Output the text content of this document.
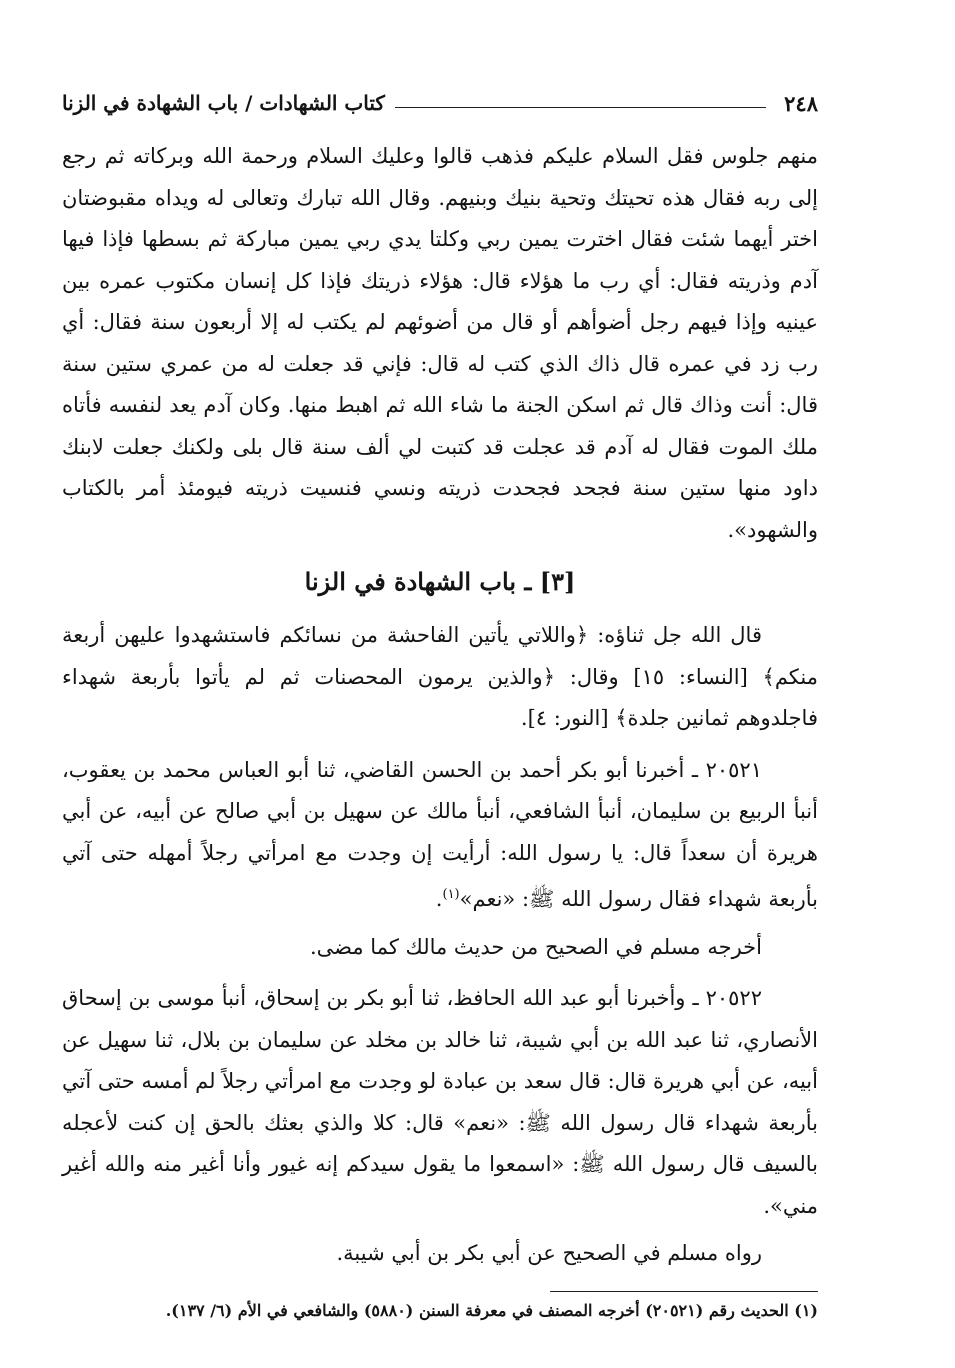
٢٤٨
كتاب الشهادات / باب الشهادة في الزنا

منهم جلوس فقل السلام عليكم فذهب قالوا وعليك السلام ورحمة الله وبركاته ثم رجع إلى ربه فقال هذه تحيتك وتحية بنيك وبنيهم. وقال الله تبارك وتعالى له ويداه مقبوضتان اختر أيهما شئت فقال اخترت يمين ربي وكلتا يدي ربي يمين مباركة ثم بسطها فإذا فيها آدم وذريته فقال: أي رب ما هؤلاء قال: هؤلاء ذريتك فإذا كل إنسان مكتوب عمره بين عينيه وإذا فيهم رجل أضوأهم أو قال من أضوئهم لم يكتب له إلا أربعون سنة فقال: أي رب زد في عمره قال ذاك الذي كتب له قال: فإني قد جعلت له من عمري ستين سنة قال: أنت وذاك قال ثم اسكن الجنة ما شاء الله ثم اهبط منها. وكان آدم يعد لنفسه فأتاه ملك الموت فقال له آدم قد عجلت قد كتبت لي ألف سنة قال بلى ولكنك جعلت لابنك داود منها ستين سنة فجحد فجحدت ذريته ونسي فنسيت ذريته فيومئذ أمر بالكتاب والشهود».

[٣] ـ باب الشهادة في الزنا

قال الله جل ثناؤه: ﴿واللاتي يأتين الفاحشة من نسائكم فاستشهدوا عليهن أربعة منكم﴾ [النساء: ١٥] وقال: ﴿والذين يرمون المحصنات ثم لم يأتوا بأربعة شهداء فاجلدوهم ثمانين جلدة﴾ [النور: ٤].

٢٠٥٢١ ـ أخبرنا أبو بكر أحمد بن الحسن القاضي، ثنا أبو العباس محمد بن يعقوب، أنبأ الربيع بن سليمان، أنبأ الشافعي، أنبأ مالك عن سهيل بن أبي صالح عن أبيه، عن أبي هريرة أن سعداً قال: يا رسول الله: أرأيت إن وجدت مع امرأتي رجلاً أمهله حتى آتي بأربعة شهداء فقال رسول الله ﷺ: «نعم»$^{(١)}$.

أخرجه مسلم في الصحيح من حديث مالك كما مضى.

٢٠٥٢٢ ـ وأخبرنا أبو عبد الله الحافظ، ثنا أبو بكر بن إسحاق، أنبأ موسى بن إسحاق الأنصاري، ثنا عبد الله بن أبي شيبة، ثنا خالد بن مخلد عن سليمان بن بلال، ثنا سهيل عن أبيه، عن أبي هريرة قال: قال سعد بن عبادة لو وجدت مع امرأتي رجلاً لم أمسه حتى آتي بأربعة شهداء قال رسول الله ﷺ: «نعم» قال: كلا والذي بعثك بالحق إن كنت لأعجله بالسيف قال رسول الله ﷺ: «اسمعوا ما يقول سيدكم إنه غيور وأنا أغير منه والله أغير مني».

رواه مسلم في الصحيح عن أبي بكر بن أبي شيبة.

(١) الحديث رقم (٢٠٥٢١) أخرجه المصنف في معرفة السنن (٥٨٨٠) والشافعي في الأم (٦/ ١٣٧).
